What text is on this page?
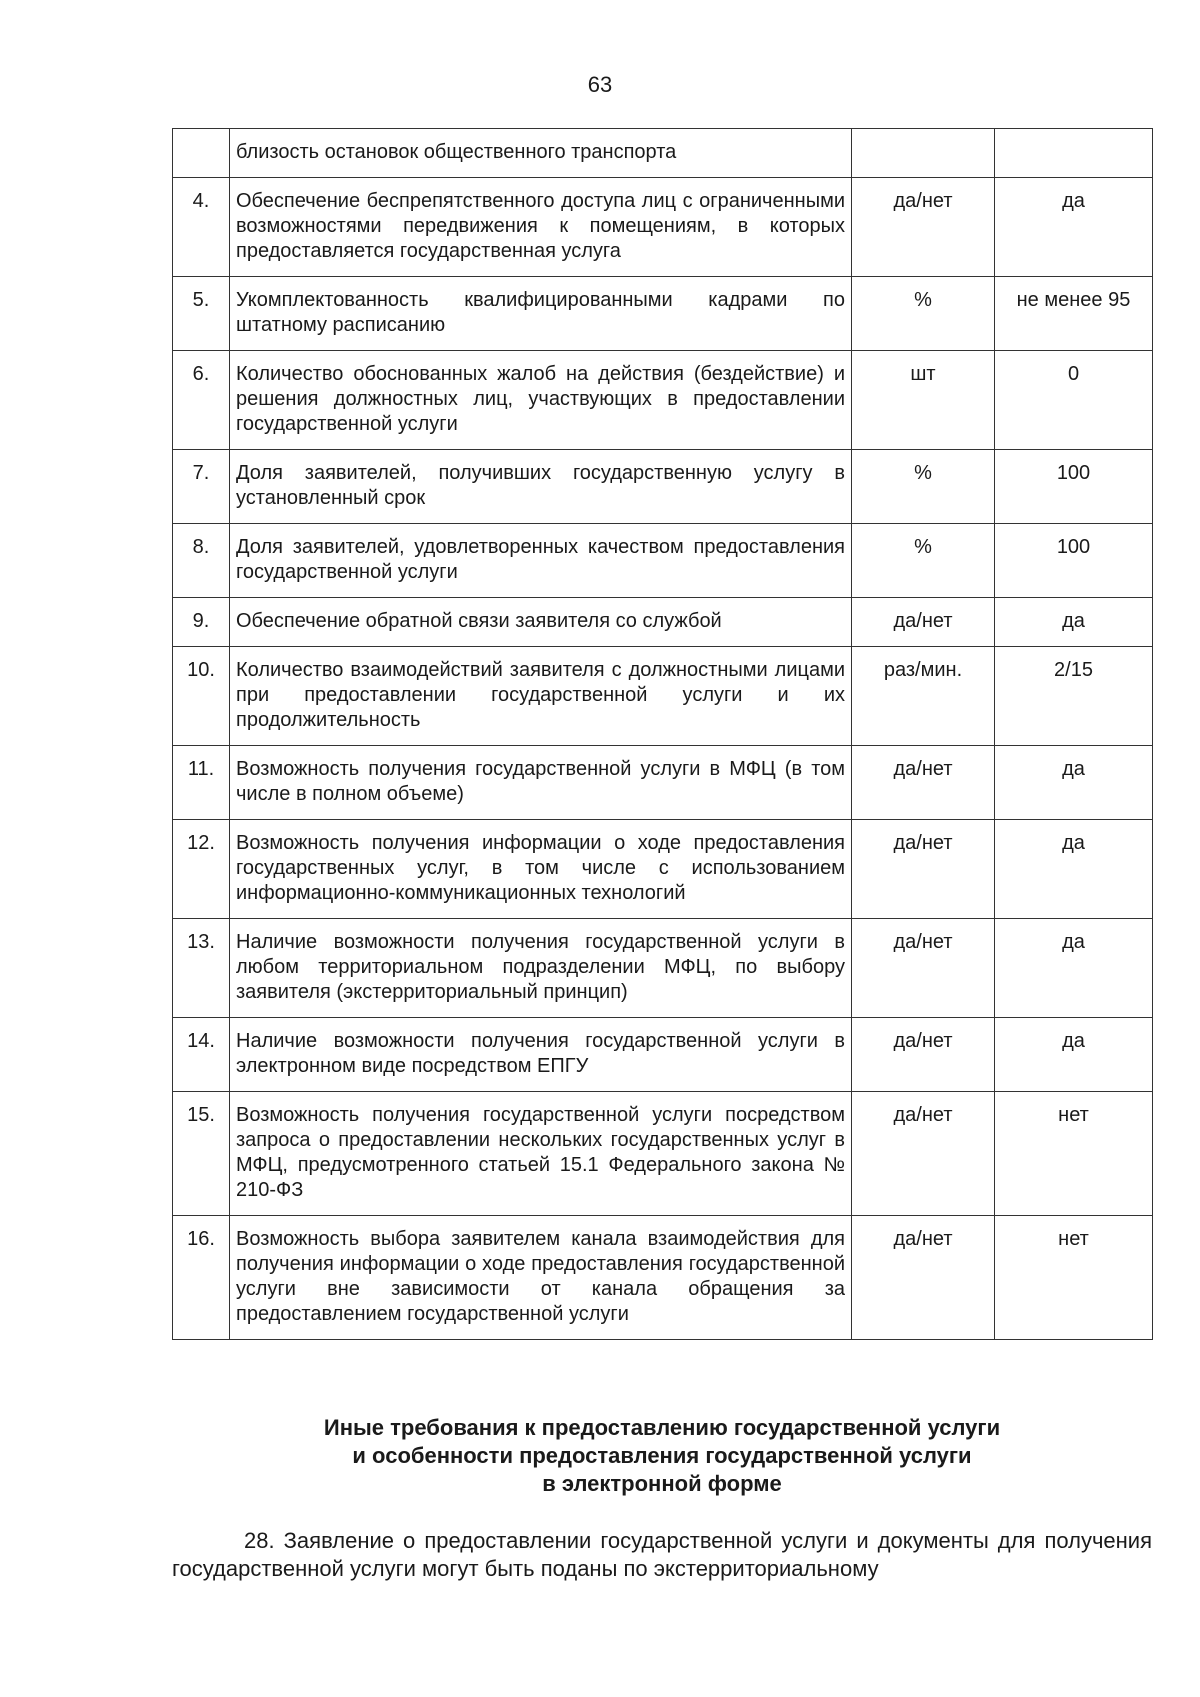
63
	близость остановок общественного транспорта		
4.	Обеспечение беспрепятственного доступа лиц с ограниченными возможностями передвижения к помещениям, в которых предоставляется государственная услуга	да/нет	да
5.	Укомплектованность квалифицированными кадрами по штатному расписанию	%	не менее 95
6.	Количество обоснованных жалоб на действия (бездействие) и решения должностных лиц, участвующих в предоставлении государственной услуги	шт	0
7.	Доля заявителей, получивших государственную услугу в установленный срок	%	100
8.	Доля заявителей, удовлетворенных качеством предоставления государственной услуги	%	100
9.	Обеспечение обратной связи заявителя со службой	да/нет	да
10.	Количество взаимодействий заявителя с должностными лицами при предоставлении государственной услуги и их продолжительность	раз/мин.	2/15
11.	Возможность получения государственной услуги в МФЦ (в том числе в полном объеме)	да/нет	да
12.	Возможность получения информации о ходе предоставления государственных услуг, в том числе с использованием информационно-коммуникационных технологий	да/нет	да
13.	Наличие возможности получения государственной услуги в любом территориальном подразделении МФЦ, по выбору заявителя (экстерриториальный принцип)	да/нет	да
14.	Наличие возможности получения государственной услуги в электронном виде посредством ЕПГУ	да/нет	да
15.	Возможность получения государственной услуги посредством запроса о предоставлении нескольких государственных услуг в МФЦ, предусмотренного статьей 15.1 Федерального закона № 210-ФЗ	да/нет	нет
16.	Возможность выбора заявителем канала взаимодействия для получения информации о ходе предоставления государственной услуги вне зависимости от канала обращения за предоставлением государственной услуги	да/нет	нет
Иные требования к предоставлению государственной услуги
и особенности предоставления государственной услуги
в электронной форме
28. Заявление о предоставлении государственной услуги и документы для получения государственной услуги могут быть поданы по экстерриториальному
